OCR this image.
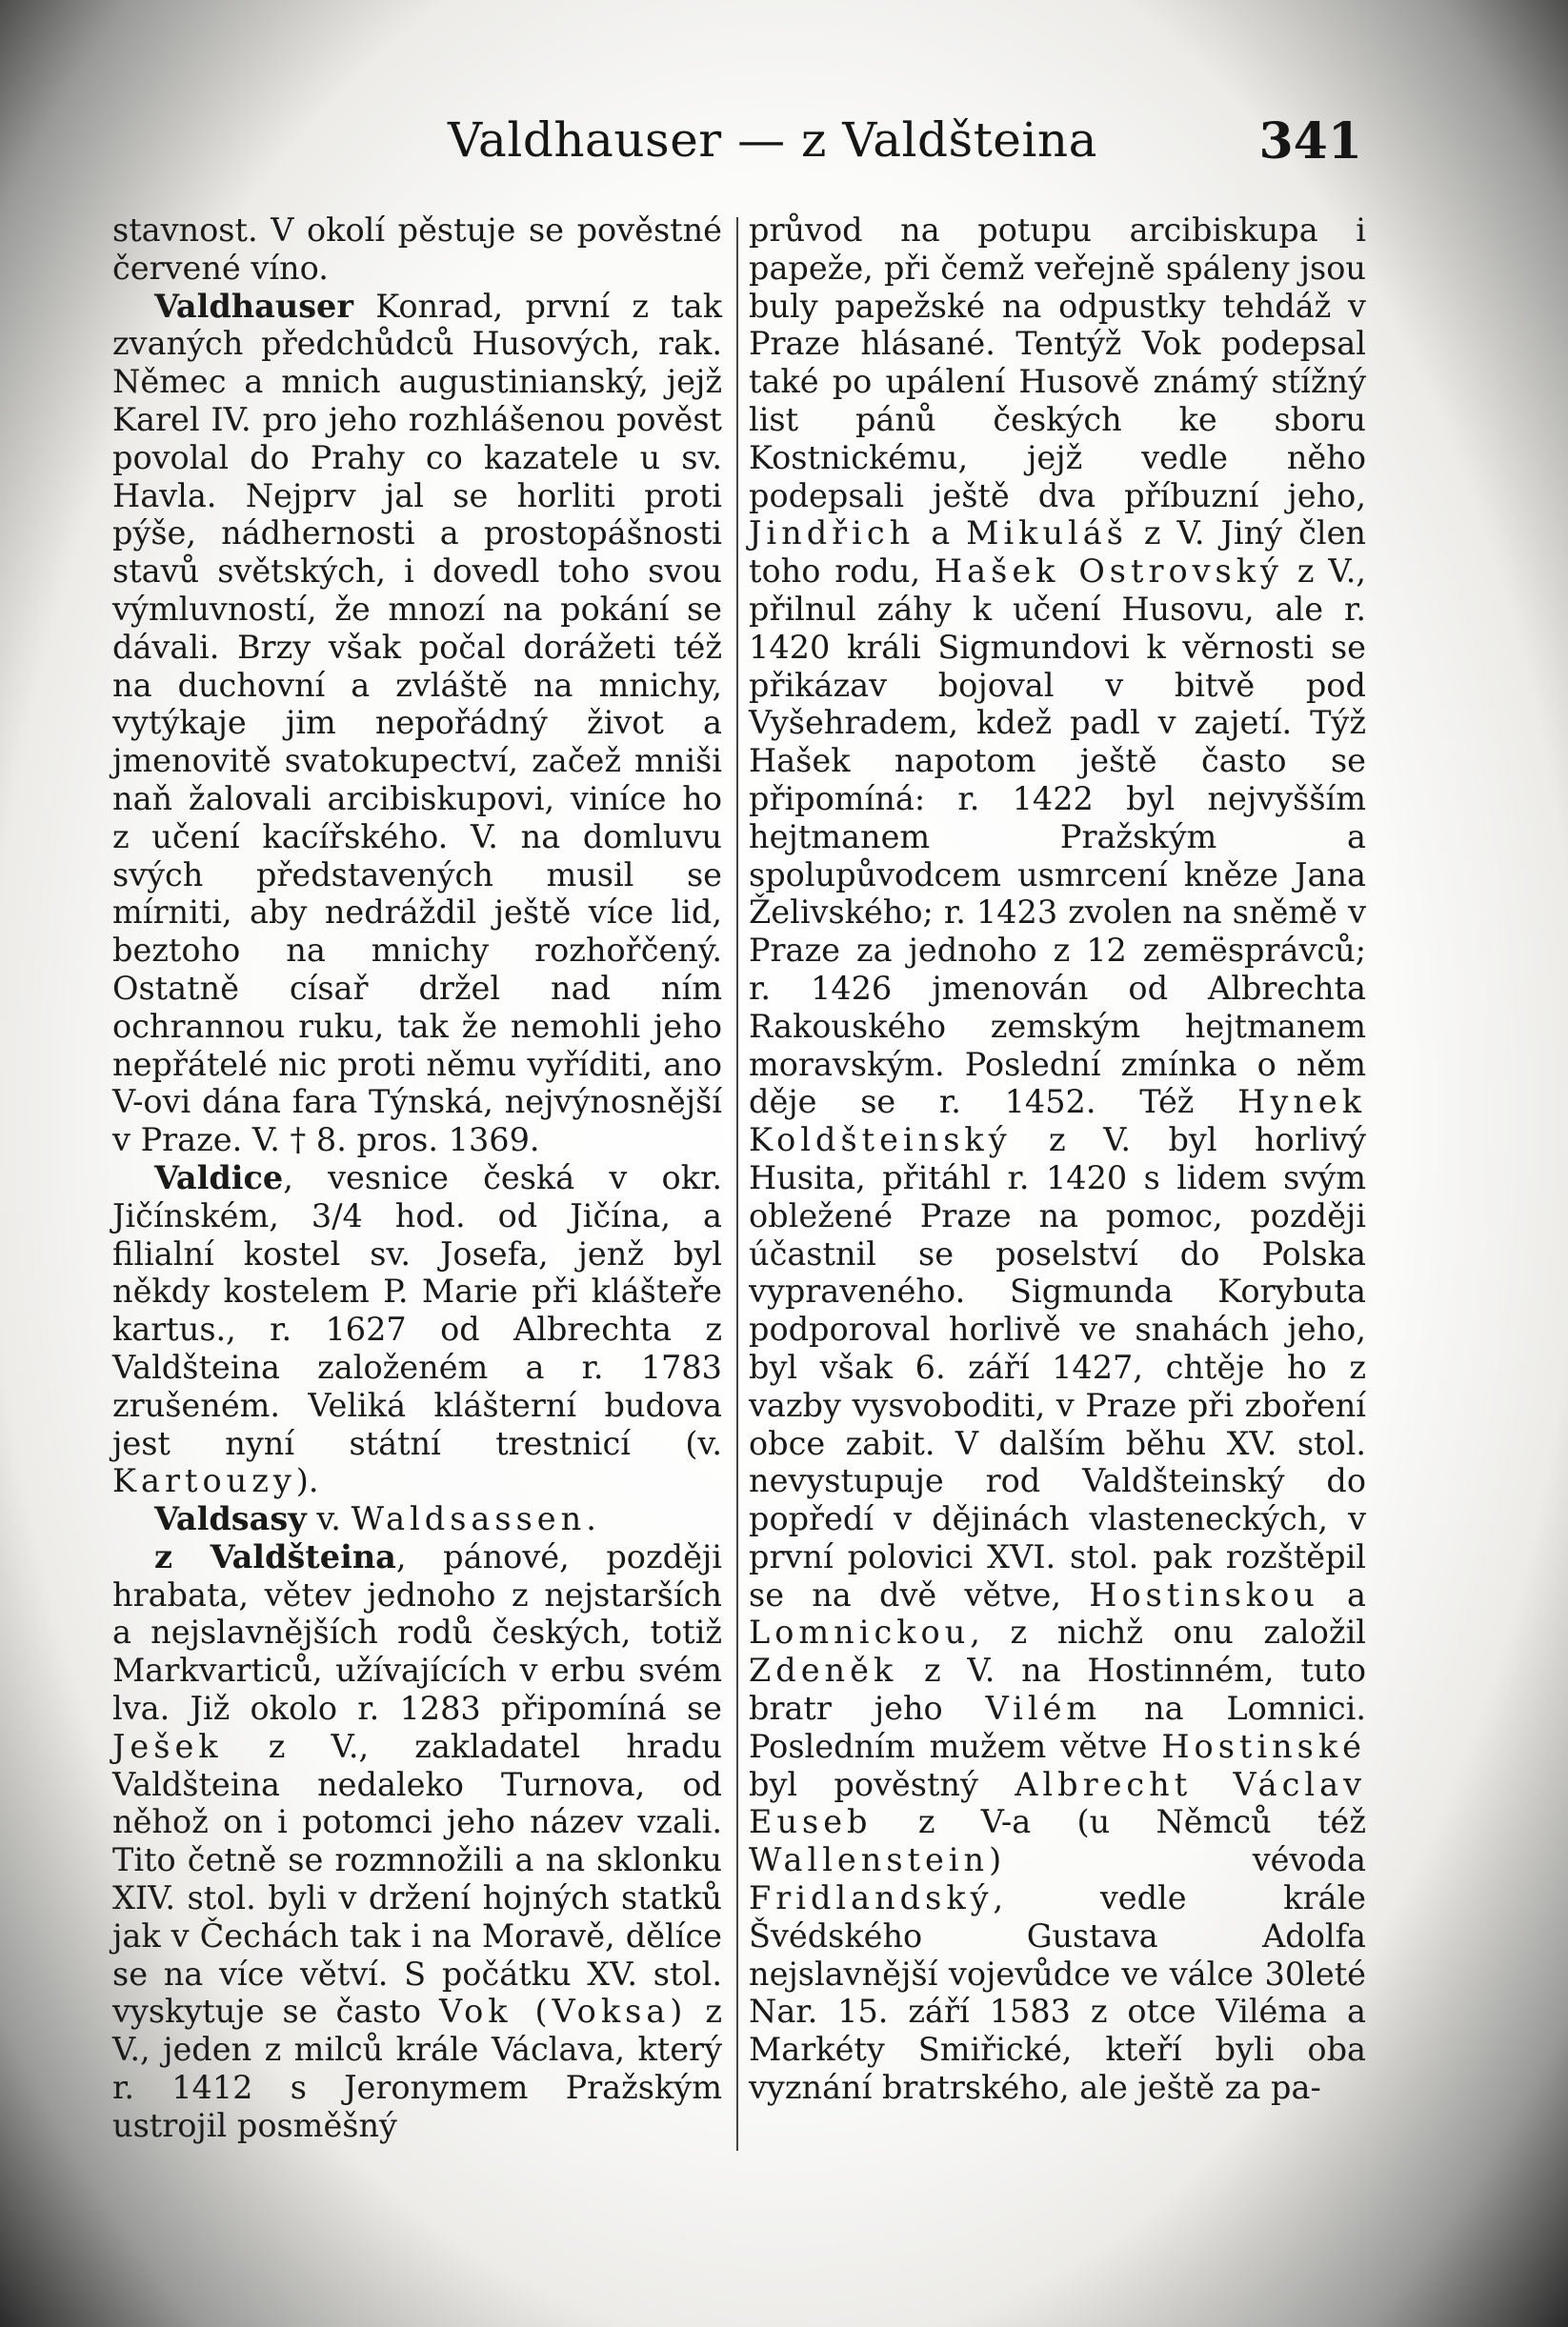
Valdhauser — z Valdšteina	341

stavnost. V okolí pěstuje se pověstné červené víno.

Valdhauser Konrad, první z tak zvaných předchůdců Husových, rak. Němec a mnich augustinianský, jejž Karel IV. pro jeho rozhlášenou pověst povolal do Prahy co kazatele u sv. Havla. Nejprv jal se horliti proti pýše, nádhernosti a prostopášnosti stavů světských, i dovedl toho svou výmluvností, že mnozí na pokání se dávali. Brzy však počal dorážeti též na duchovní a zvláště na mnichy, vytýkaje jim nepořádný život a jmenovitě svatokupectví, začež mniši naň žalovali arcibiskupovi, viníce ho z učení kacířského. V. na domluvu svých představených musil se mírniti, aby nedráždil ještě více lid, beztoho na mnichy rozhořčený. Ostatně císař držel nad ním ochrannou ruku, tak že nemohli jeho nepřátelé nic proti němu vyříditi, ano V-ovi dána fara Týnská, nejvýnosnější v Praze. V. † 8. pros. 1369.

Valdice, vesnice česká v okr. Jičínském, 3/4 hod. od Jičína, a filialní kostel sv. Josefa, jenž byl někdy kostelem P. Marie při klášteře kartus., r. 1627 od Albrechta z Valdšteina založeném a r. 1783 zrušeném. Veliká klášterní budova jest nyní státní trestnicí (v. Kartouzy).

Valdsasy v. Waldsassen.

z Valdšteina, pánové, později hrabata, větev jednoho z nejstarších a nejslavnějších rodů českých, totiž Markvarticů, užívajících v erbu svém lva. Již okolo r. 1283 připomíná se Ješek z V., zakladatel hradu Valdšteina nedaleko Turnova, od něhož on i potomci jeho název vzali. Tito četně se rozmnožili a na sklonku XIV. stol. byli v držení hojných statků jak v Čechách tak i na Moravě, dělíce se na více větví. S počátku XV. stol. vyskytuje se často Vok (Voksa) z V., jeden z milců krále Václava, který r. 1412 s Jeronymem Pražským ustrojil posměšný

průvod na potupu arcibiskupa i papeže, při čemž veřejně spáleny jsou buly papežské na odpustky tehdáž v Praze hlásané. Tentýž Vok podepsal také po upálení Husově známý stížný list pánů českých ke sboru Kostnickému, jejž vedle něho podepsali ještě dva příbuzní jeho, Jindřich a Mikuláš z V. Jiný člen toho rodu, Hašek Ostrovský z V., přilnul záhy k učení Husovu, ale r. 1420 králi Sigmundovi k věrnosti se přikázav bojoval v bitvě pod Vyšehradem, kdež padl v zajetí. Týž Hašek napotom ještě často se připomíná: r. 1422 byl nejvyšším hejtmanem Pražským a spolupůvodcem usmrcení kněze Jana Želivského; r. 1423 zvolen na sněmě v Praze za jednoho z 12 zemësprávců; r. 1426 jmenován od Albrechta Rakouského zemským hejtmanem moravským. Poslední zmínka o něm děje se r. 1452. Též Hynek Koldšteinský z V. byl horlivý Husita, přitáhl r. 1420 s lidem svým obležené Praze na pomoc, později účastnil se poselství do Polska vypraveného. Sigmunda Korybuta podporoval horlivě ve snahách jeho, byl však 6. září 1427, chtěje ho z vazby vysvoboditi, v Praze při zboření obce zabit. V dalším běhu XV. stol. nevystupuje rod Valdšteinský do popředí v dějinách vlasteneckých, v první polovici XVI. stol. pak rozštěpil se na dvě větve, Hostinskou a Lomnickou, z nichž onu založil Zdeněk z V. na Hostinném, tuto bratr jeho Vilém na Lomnici. Posledním mužem větve Hostinské byl pověstný Albrecht Václav Euseb z V-a (u Němců též Wallenstein) vévoda Fridlandský, vedle krále Švédského Gustava Adolfa nejslavnější vojevůdce ve válce 30leté Nar. 15. září 1583 z otce Viléma a Markéty Smiřické, kteří byli oba vyznání bratrského, ale ještě za pa-
